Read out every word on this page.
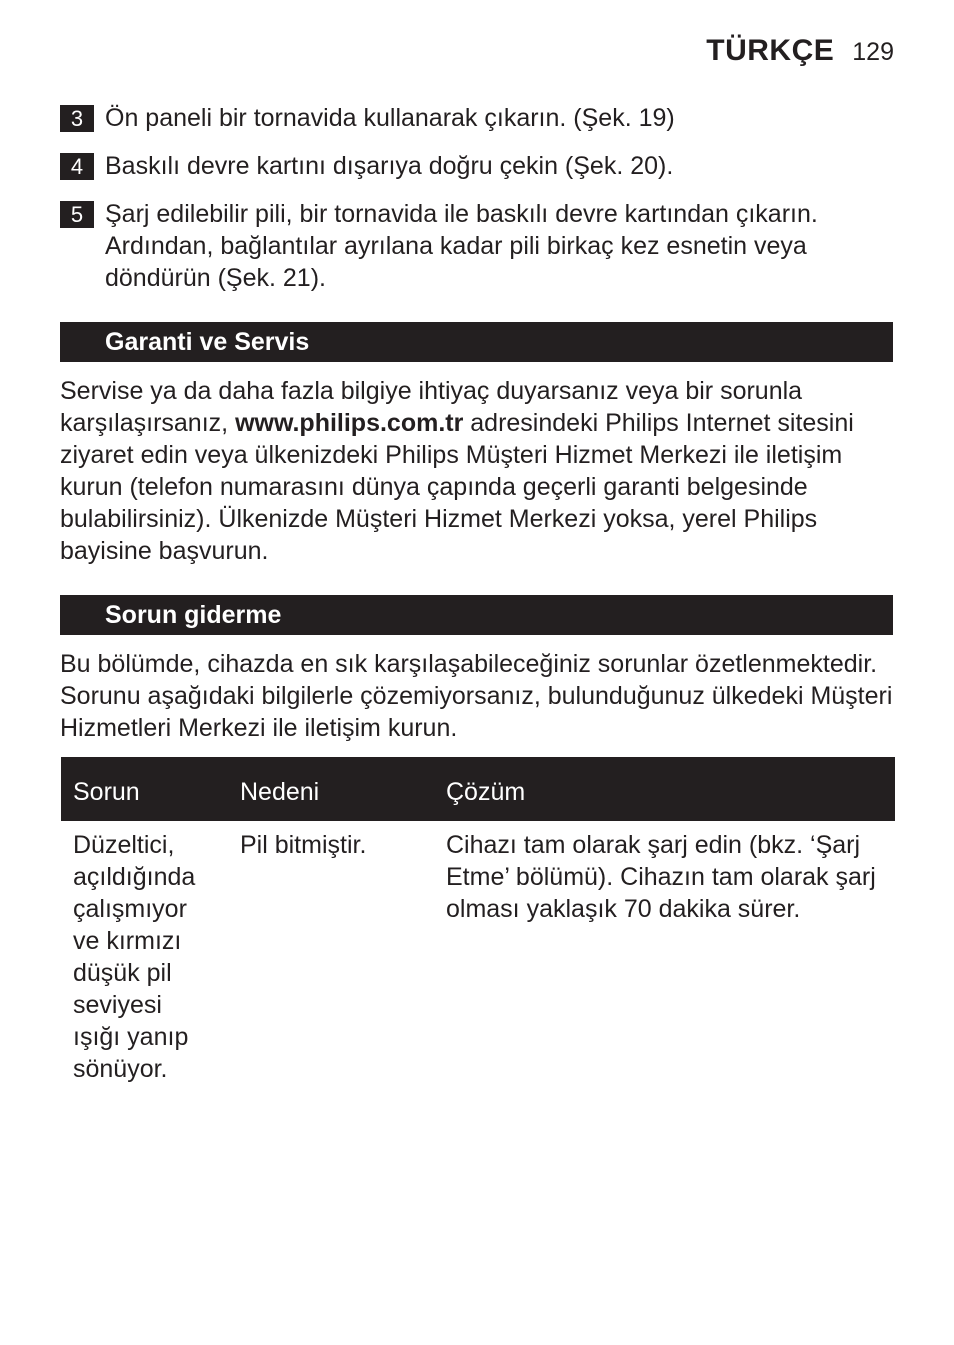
TÜRKÇE 129
3 Ön paneli bir tornavida kullanarak çıkarın. (Şek. 19)
4 Baskılı devre kartını dışarıya doğru çekin (Şek. 20).
5 Şarj edilebilir pili, bir tornavida ile baskılı devre kartından çıkarın. Ardından, bağlantılar ayrılana kadar pili birkaç kez esnetin veya döndürün (Şek. 21).
Garanti ve Servis

Servise ya da daha fazla bilgiye ihtiyaç duyarsanız veya bir sorunla karşılaşırsanız, www.philips.com.tr adresindeki Philips Internet sitesini ziyaret edin veya ülkenizdeki Philips Müşteri Hizmet Merkezi ile iletişim kurun (telefon numarasını dünya çapında geçerli garanti belgesinde bulabilirsiniz). Ülkenizde Müşteri Hizmet Merkezi yoksa, yerel Philips bayisine başvurun.

Sorun giderme

Bu bölümde, cihazda en sık karşılaşabileceğiniz sorunlar özetlenmektedir. Sorunu aşağıdaki bilgilerle çözemiyorsanız, bulunduğunuz ülkedeki Müşteri Hizmetleri Merkezi ile iletişim kurun.

Sorun	Nedeni	Çözüm
Düzeltici, açıldığında çalışmıyor ve kırmızı düşük pil seviyesi ışığı yanıp sönüyor.	Pil bitmiştir.	Cihazı tam olarak şarj edin (bkz. ‘Şarj Etme’ bölümü). Cihazın tam olarak şarj olması yaklaşık 70 dakika sürer.
